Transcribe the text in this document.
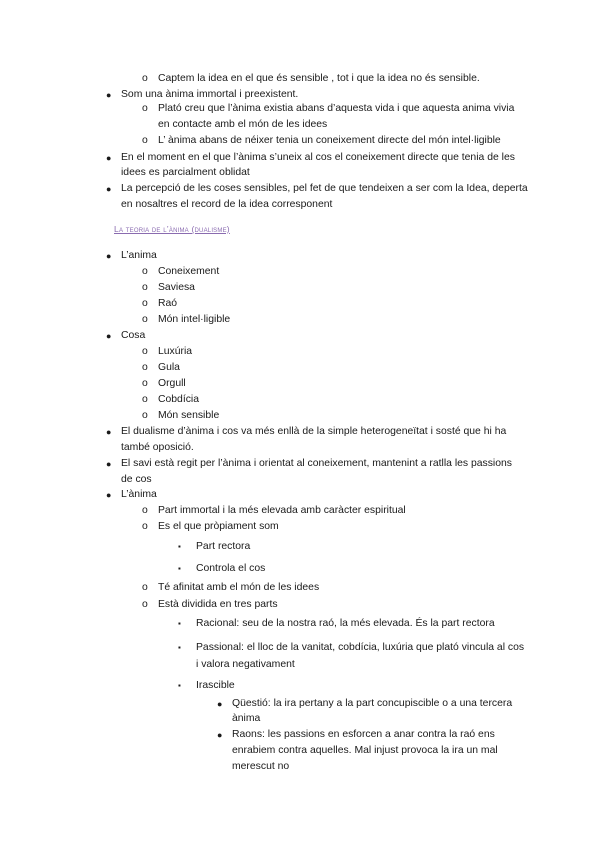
o Captem la idea en el que és sensible , tot i que la idea no és sensible.
● Som una ànima immortal i preexistent.
o Plató creu que l’ànima existia abans d’aquesta vida i que aquesta anima vivia
en contacte amb el món de les idees
o L’ ànima abans de néixer tenia un coneixement directe del món intel·ligible
● En el moment en el que l’ànima s’uneix al cos el coneixement directe que tenia de les
idees es parcialment oblidat
● La percepció de les coses sensibles, pel fet de que tendeixen a ser com la Idea, deperta
en nosaltres el record de la idea corresponent
La teoria de l’ànima (dualisme)
● L’anima
o Coneixement
o Saviesa
o Raó
o Món intel·ligible
● Cosa
o Luxúria
o Gula
o Orgull
o Cobdícia
o Món sensible
● El dualisme d’ànima i cos va més enllà de la simple heterogeneïtat i sosté que hi ha
també oposició.
● El savi està regit per l’ànima i orientat al coneixement, mantenint a ratlla les passions
de cos
● L’ànima
o Part immortal i la més elevada amb caràcter espiritual
o Es el que pròpiament som
▪ Part rectora
▪ Controla el cos
o Té afinitat amb el món de les idees
o Està dividida en tres parts
▪ Racional: seu de la nostra raó, la més elevada. És la part rectora
▪ Passional: el lloc de la vanitat, cobdícia, luxúria que plató vincula al cos
i valora negativament
▪ Irascible
● Qüestió: la ira pertany a la part concupiscible o a una tercera
ànima
● Raons: les passions en esforcen a anar contra la raó ens
enrabiem contra aquelles. Mal injust provoca la ira un mal
merescut no
